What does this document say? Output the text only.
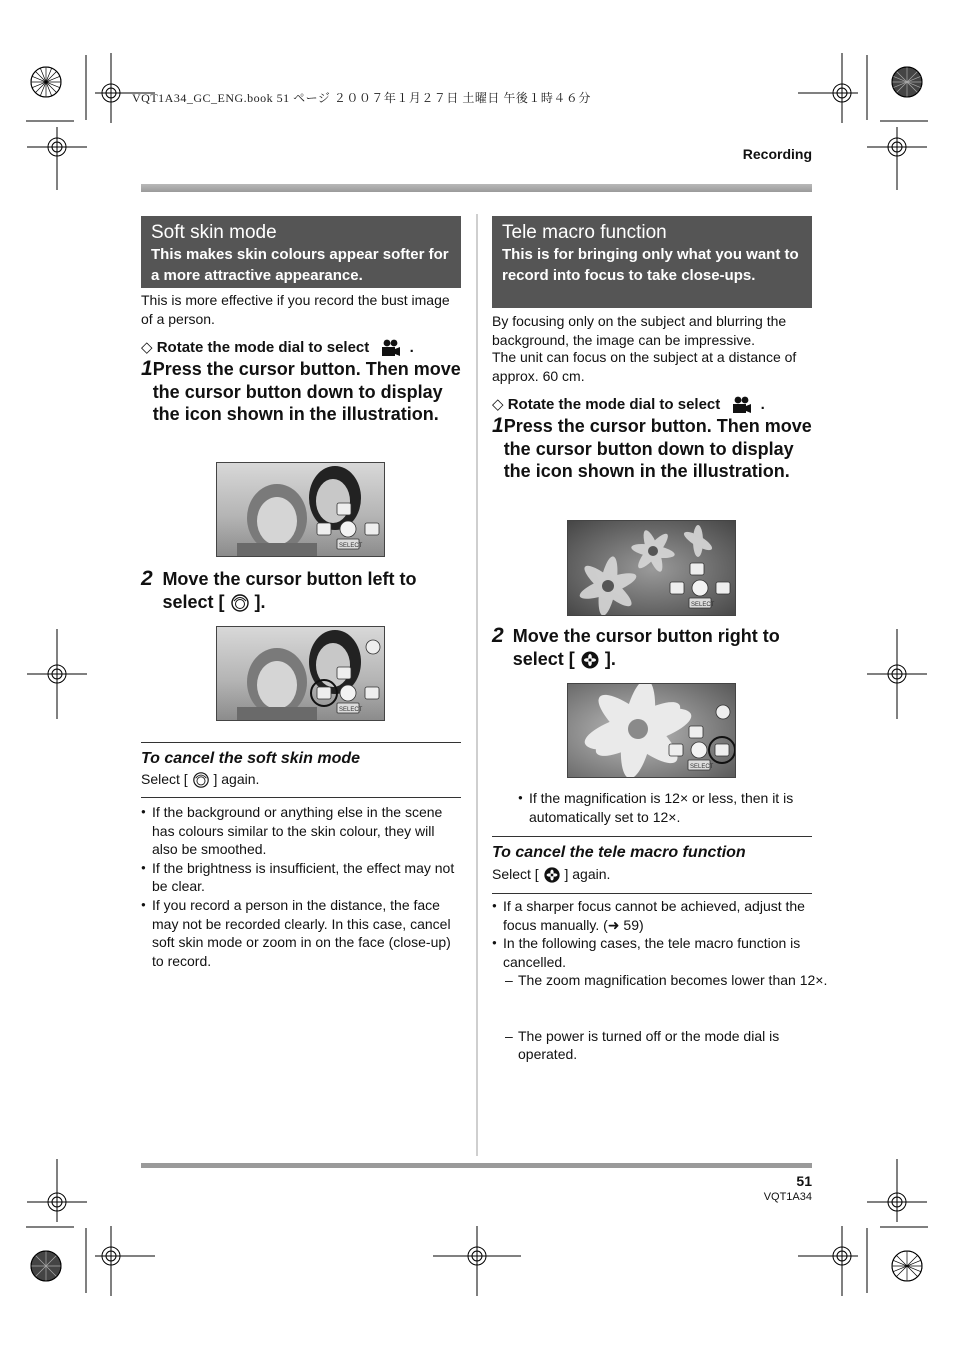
VQT1A34_GC_ENG.book 51 ページ ２００７年１月２７日 土曜日 午後１時４６分
Recording
Soft skin mode
This makes skin colours appear softer for a more attractive appearance.
This is more effective if you record the bust image of a person.
◇ Rotate the mode dial to select	.
1 Press the cursor button. Then move the cursor button down to display the icon shown in the illustration.
SELECT
2 Move the cursor button left to select [ ].
SELECT
To cancel the soft skin mode
Select [ ] again.
● If the background or anything else in the scene has colours similar to the skin colour, they will also be smoothed.
● If the brightness is insufficient, the effect may not be clear.
● If you record a person in the distance, the face may not be recorded clearly. In this case, cancel soft skin mode or zoom in on the face (close-up) to record.
Tele macro function
This is for bringing only what you want to record into focus to take close-ups.
By focusing only on the subject and blurring the background, the image can be impressive.
The unit can focus on the subject at a distance of approx. 60 cm.
◇ Rotate the mode dial to select	.
1 Press the cursor button. Then move the cursor button down to display the icon shown in the illustration.
SELECT
2 Move the cursor button right to select [ ].
SELECT
● If the magnification is 12× or less, then it is automatically set to 12×.
To cancel the tele macro function
Select [ ] again.
● If a sharper focus cannot be achieved, adjust the focus manually. (➜ 59)
● In the following cases, the tele macro function is cancelled.
– The zoom magnification becomes lower than 12×.
– The power is turned off or the mode dial is operated.
51
VQT1A34
